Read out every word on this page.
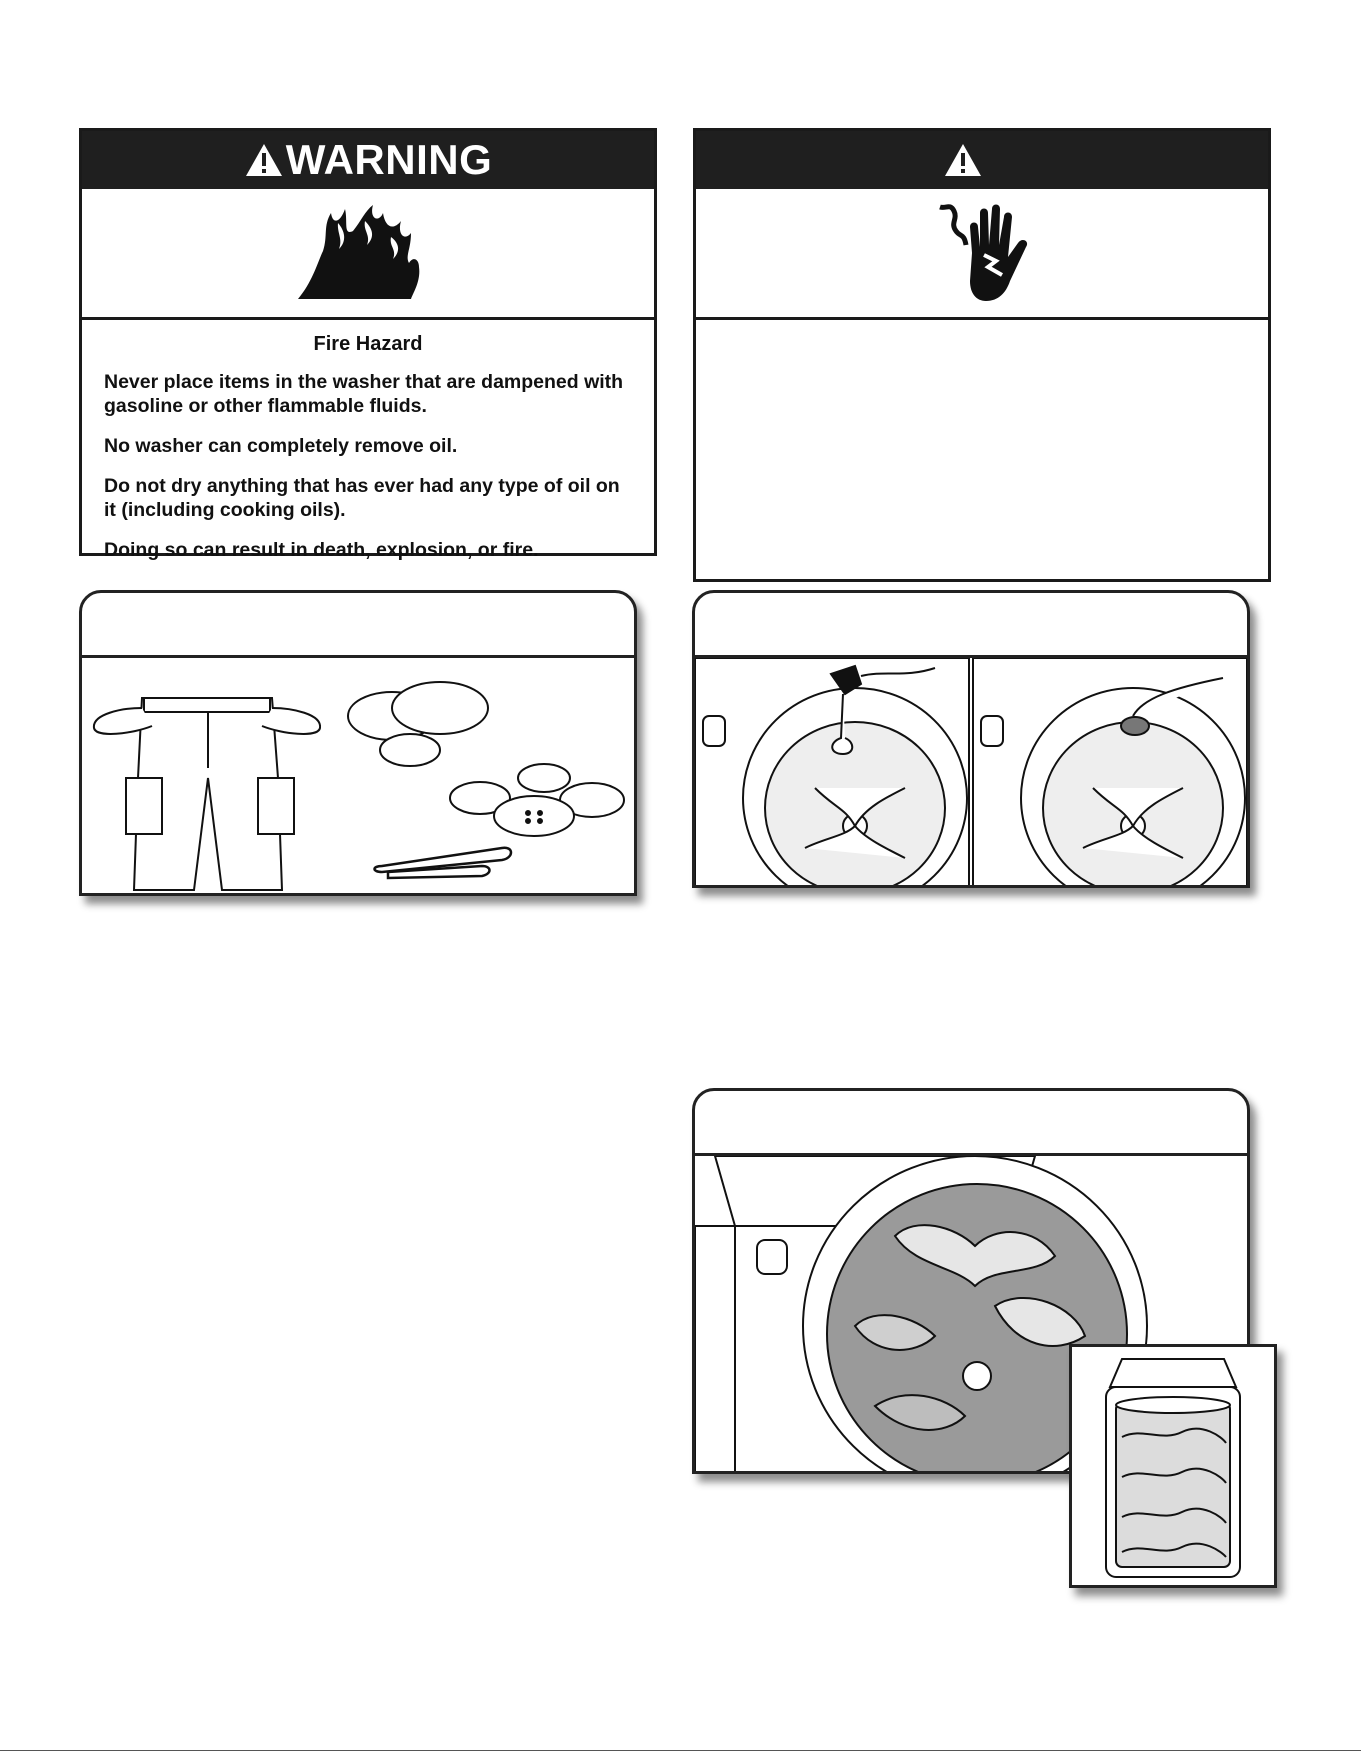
WARNING
Fire Hazard
Never place items in the washer that are dampened with gasoline or other flammable fluids.
No washer can completely remove oil.
Do not dry anything that has ever had any type of oil on it (including cooking oils).
Doing so can result in death, explosion, or fire.
